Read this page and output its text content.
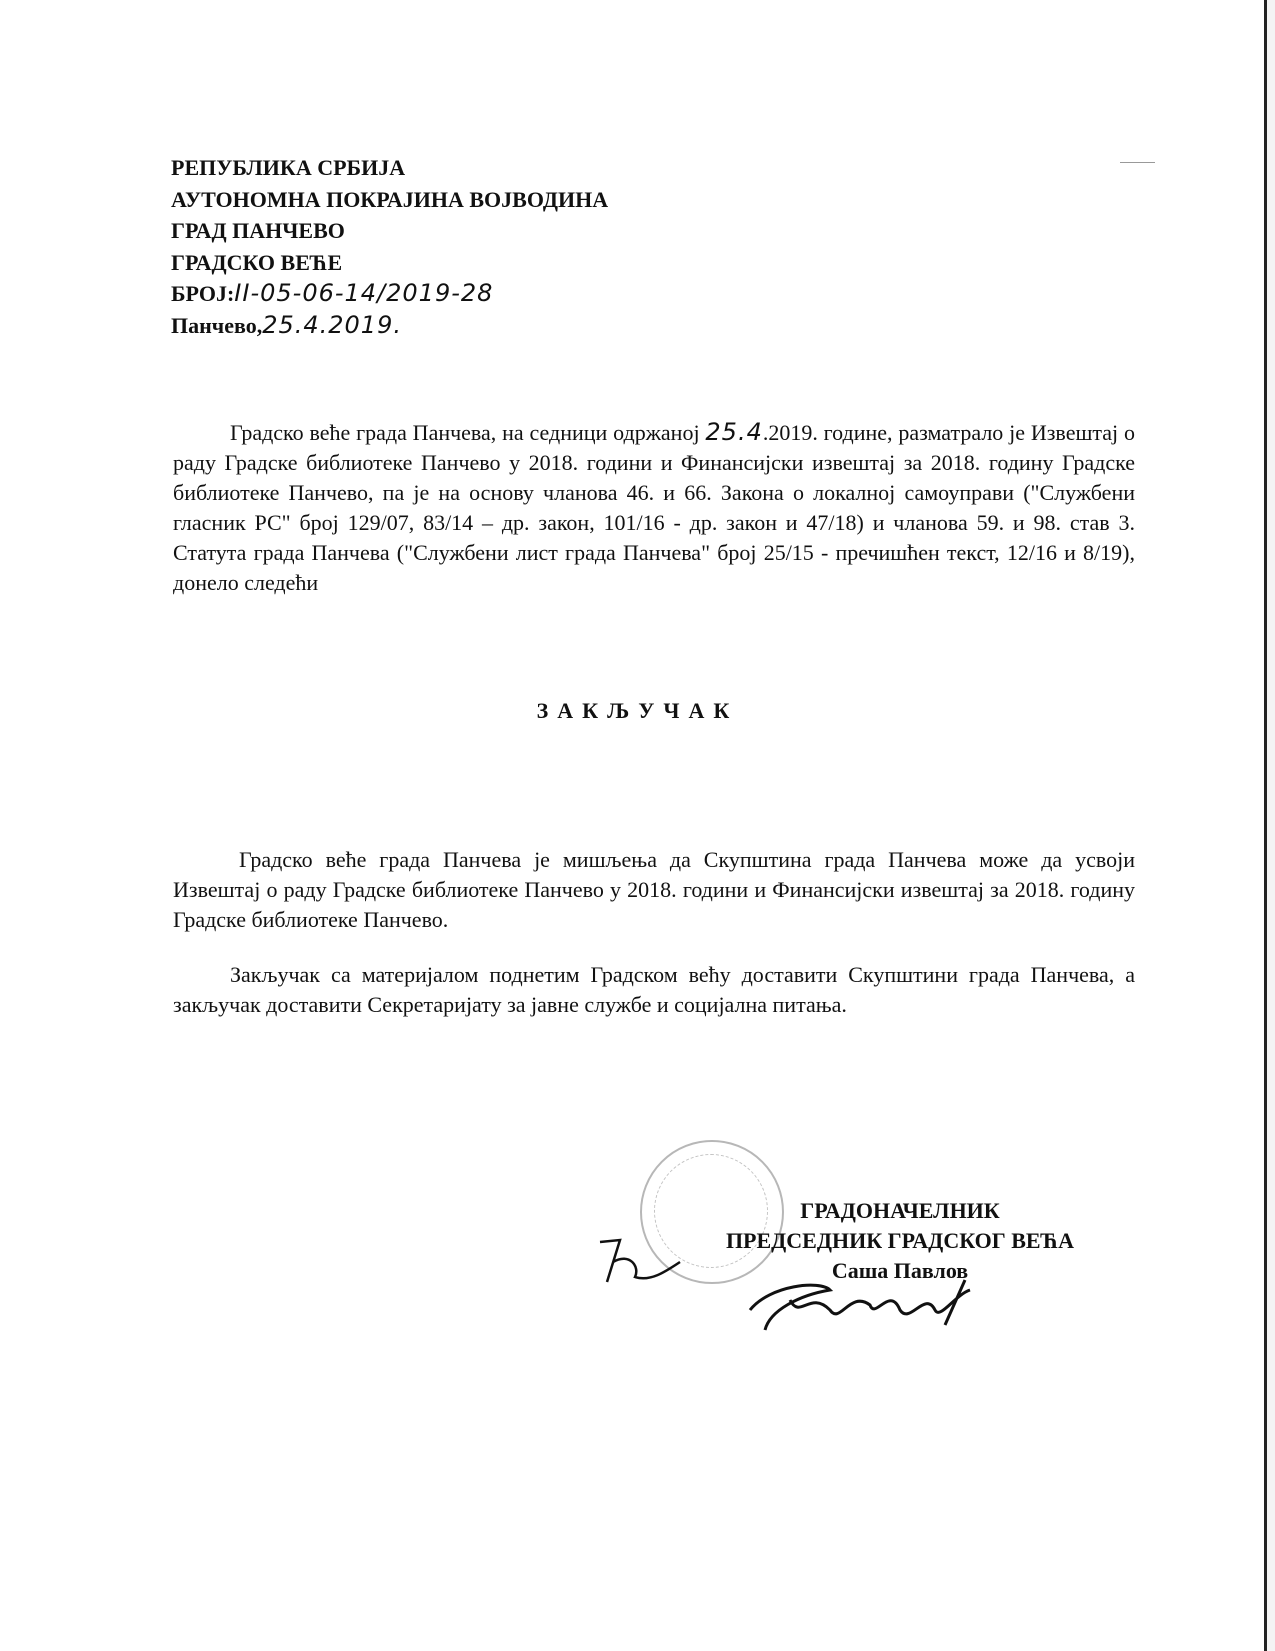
РЕПУБЛИКА СРБИЈА
АУТОНОМНА ПОКРАЈИНА ВОЈВОДИНА
ГРАД ПАНЧЕВО
ГРАДСКО ВЕЋЕ
БРОЈ:II-05-06-14/2019-28
Панчево,25.4.2019.
Градско веће града Панчева, на седници одржаној 25.4.2019. године, разматрало је Извештај о раду Градске библиотеке Панчево у 2018. години и Финансијски извештај за 2018. годину Градске библиотеке Панчево, па је на основу чланова 46. и 66. Закона о локалној самоуправи ("Службени гласник РС" број 129/07, 83/14 – др. закон, 101/16 - др. закон и 47/18) и чланова 59. и 98. став 3. Статута града Панчева ("Службени лист града Панчева" број 25/15 - пречишћен текст, 12/16 и 8/19), донело следећи
ЗАКЉУЧАК
Градско веће града Панчева је мишљења да Скупштина града Панчева може да усвоји Извештај о раду Градске библиотеке Панчево у 2018. години и Финансијски извештај за 2018. годину Градске библиотеке Панчево.
Закључак са материјалом поднетим Градском већу доставити Скупштини града Панчева, а закључак доставити Секретаријату за јавне службе и социјална питања.
ГРАДОНАЧЕЛНИК
ПРЕДСЕДНИК ГРАДСКОГ ВЕЋА
Саша Павлов
